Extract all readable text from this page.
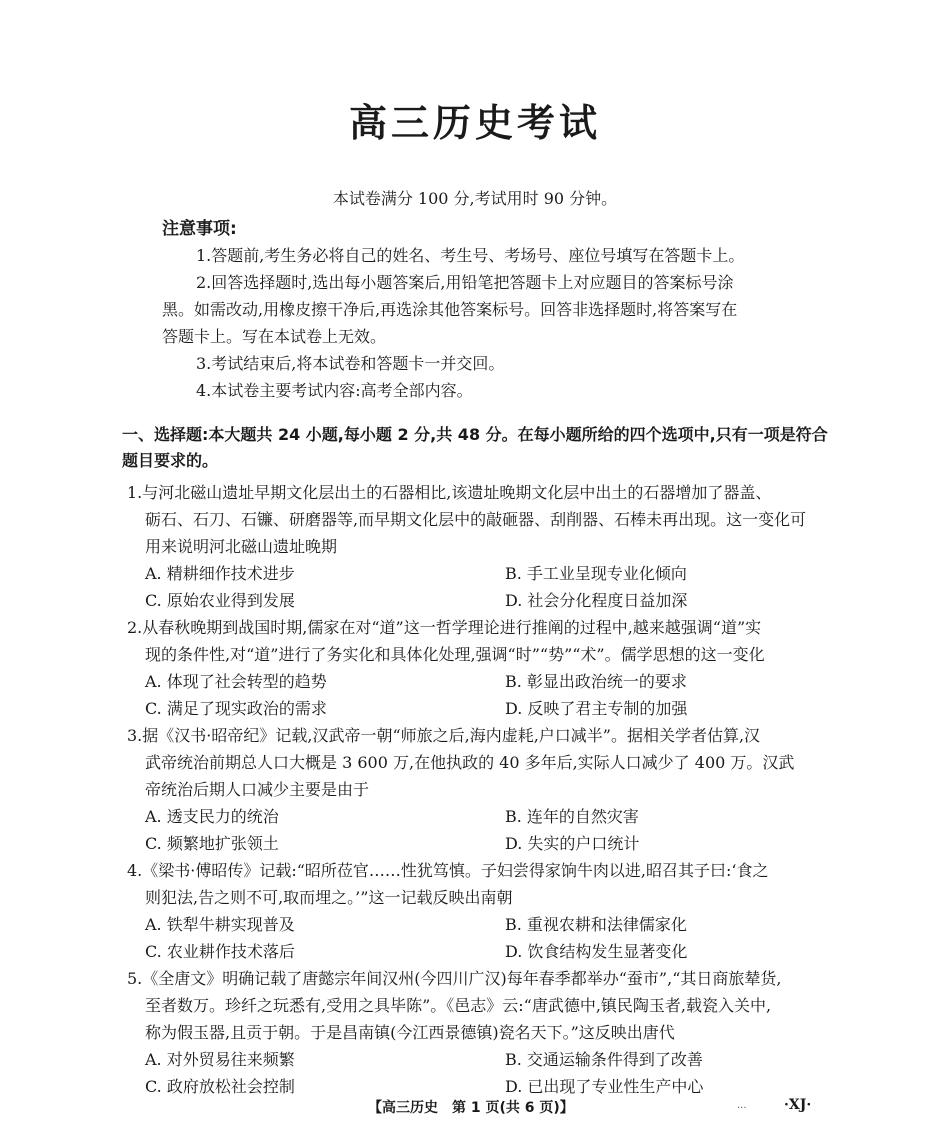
高三历史考试
本试卷满分 100 分,考试用时 90 分钟。
注意事项:
1.答题前,考生务必将自己的姓名、考生号、考场号、座位号填写在答题卡上。
2.回答选择题时,选出每小题答案后,用铅笔把答题卡上对应题目的答案标号涂
黑。如需改动,用橡皮擦干净后,再选涂其他答案标号。回答非选择题时,将答案写在
答题卡上。写在本试卷上无效。
3.考试结束后,将本试卷和答题卡一并交回。
4.本试卷主要考试内容:高考全部内容。
一、选择题:本大题共 24 小题,每小题 2 分,共 48 分。在每小题所给的四个选项中,只有一项是符合题目要求的。
1.与河北磁山遗址早期文化层出土的石器相比,该遗址晚期文化层中出土的石器增加了器盖、
砺石、石刀、石镰、研磨器等,而早期文化层中的敲砸器、刮削器、石棒未再出现。这一变化可
用来说明河北磁山遗址晚期
A. 精耕细作技术进步	B. 手工业呈现专业化倾向
C. 原始农业得到发展	D. 社会分化程度日益加深
2.从春秋晚期到战国时期,儒家在对“道”这一哲学理论进行推阐的过程中,越来越强调“道”实
现的条件性,对“道”进行了务实化和具体化处理,强调“时”“势”“术”。儒学思想的这一变化
A. 体现了社会转型的趋势	B. 彰显出政治统一的要求
C. 满足了现实政治的需求	D. 反映了君主专制的加强
3.据《汉书·昭帝纪》记载,汉武帝一朝“师旅之后,海内虚耗,户口减半”。据相关学者估算,汉
武帝统治前期总人口大概是 3 600 万,在他执政的 40 多年后,实际人口减少了 400 万。汉武
帝统治后期人口减少主要是由于
A. 透支民力的统治	B. 连年的自然灾害
C. 频繁地扩张领土	D. 失实的户口统计
4.《梁书·傅昭传》记载:“昭所莅官……性犹笃慎。子妇尝得家饷牛肉以进,昭召其子曰:‘食之
则犯法,告之则不可,取而埋之。’”这一记载反映出南朝
A. 铁犁牛耕实现普及	B. 重视农耕和法律儒家化
C. 农业耕作技术落后	D. 饮食结构发生显著变化
5.《全唐文》明确记载了唐懿宗年间汉州(今四川广汉)每年春季都举办“蚕市”,“其日商旅辇货,
至者数万。珍纤之玩悉有,受用之具毕陈”。《邑志》云:“唐武德中,镇民陶玉者,载瓷入关中,
称为假玉器,且贡于朝。于是昌南镇(今江西景德镇)瓷名天下。”这反映出唐代
A. 对外贸易往来频繁	B. 交通运输条件得到了改善
C. 政府放松社会控制	D. 已出现了专业性生产中心
【高三历史　第 1 页(共 6 页)】	...	·XJ·
